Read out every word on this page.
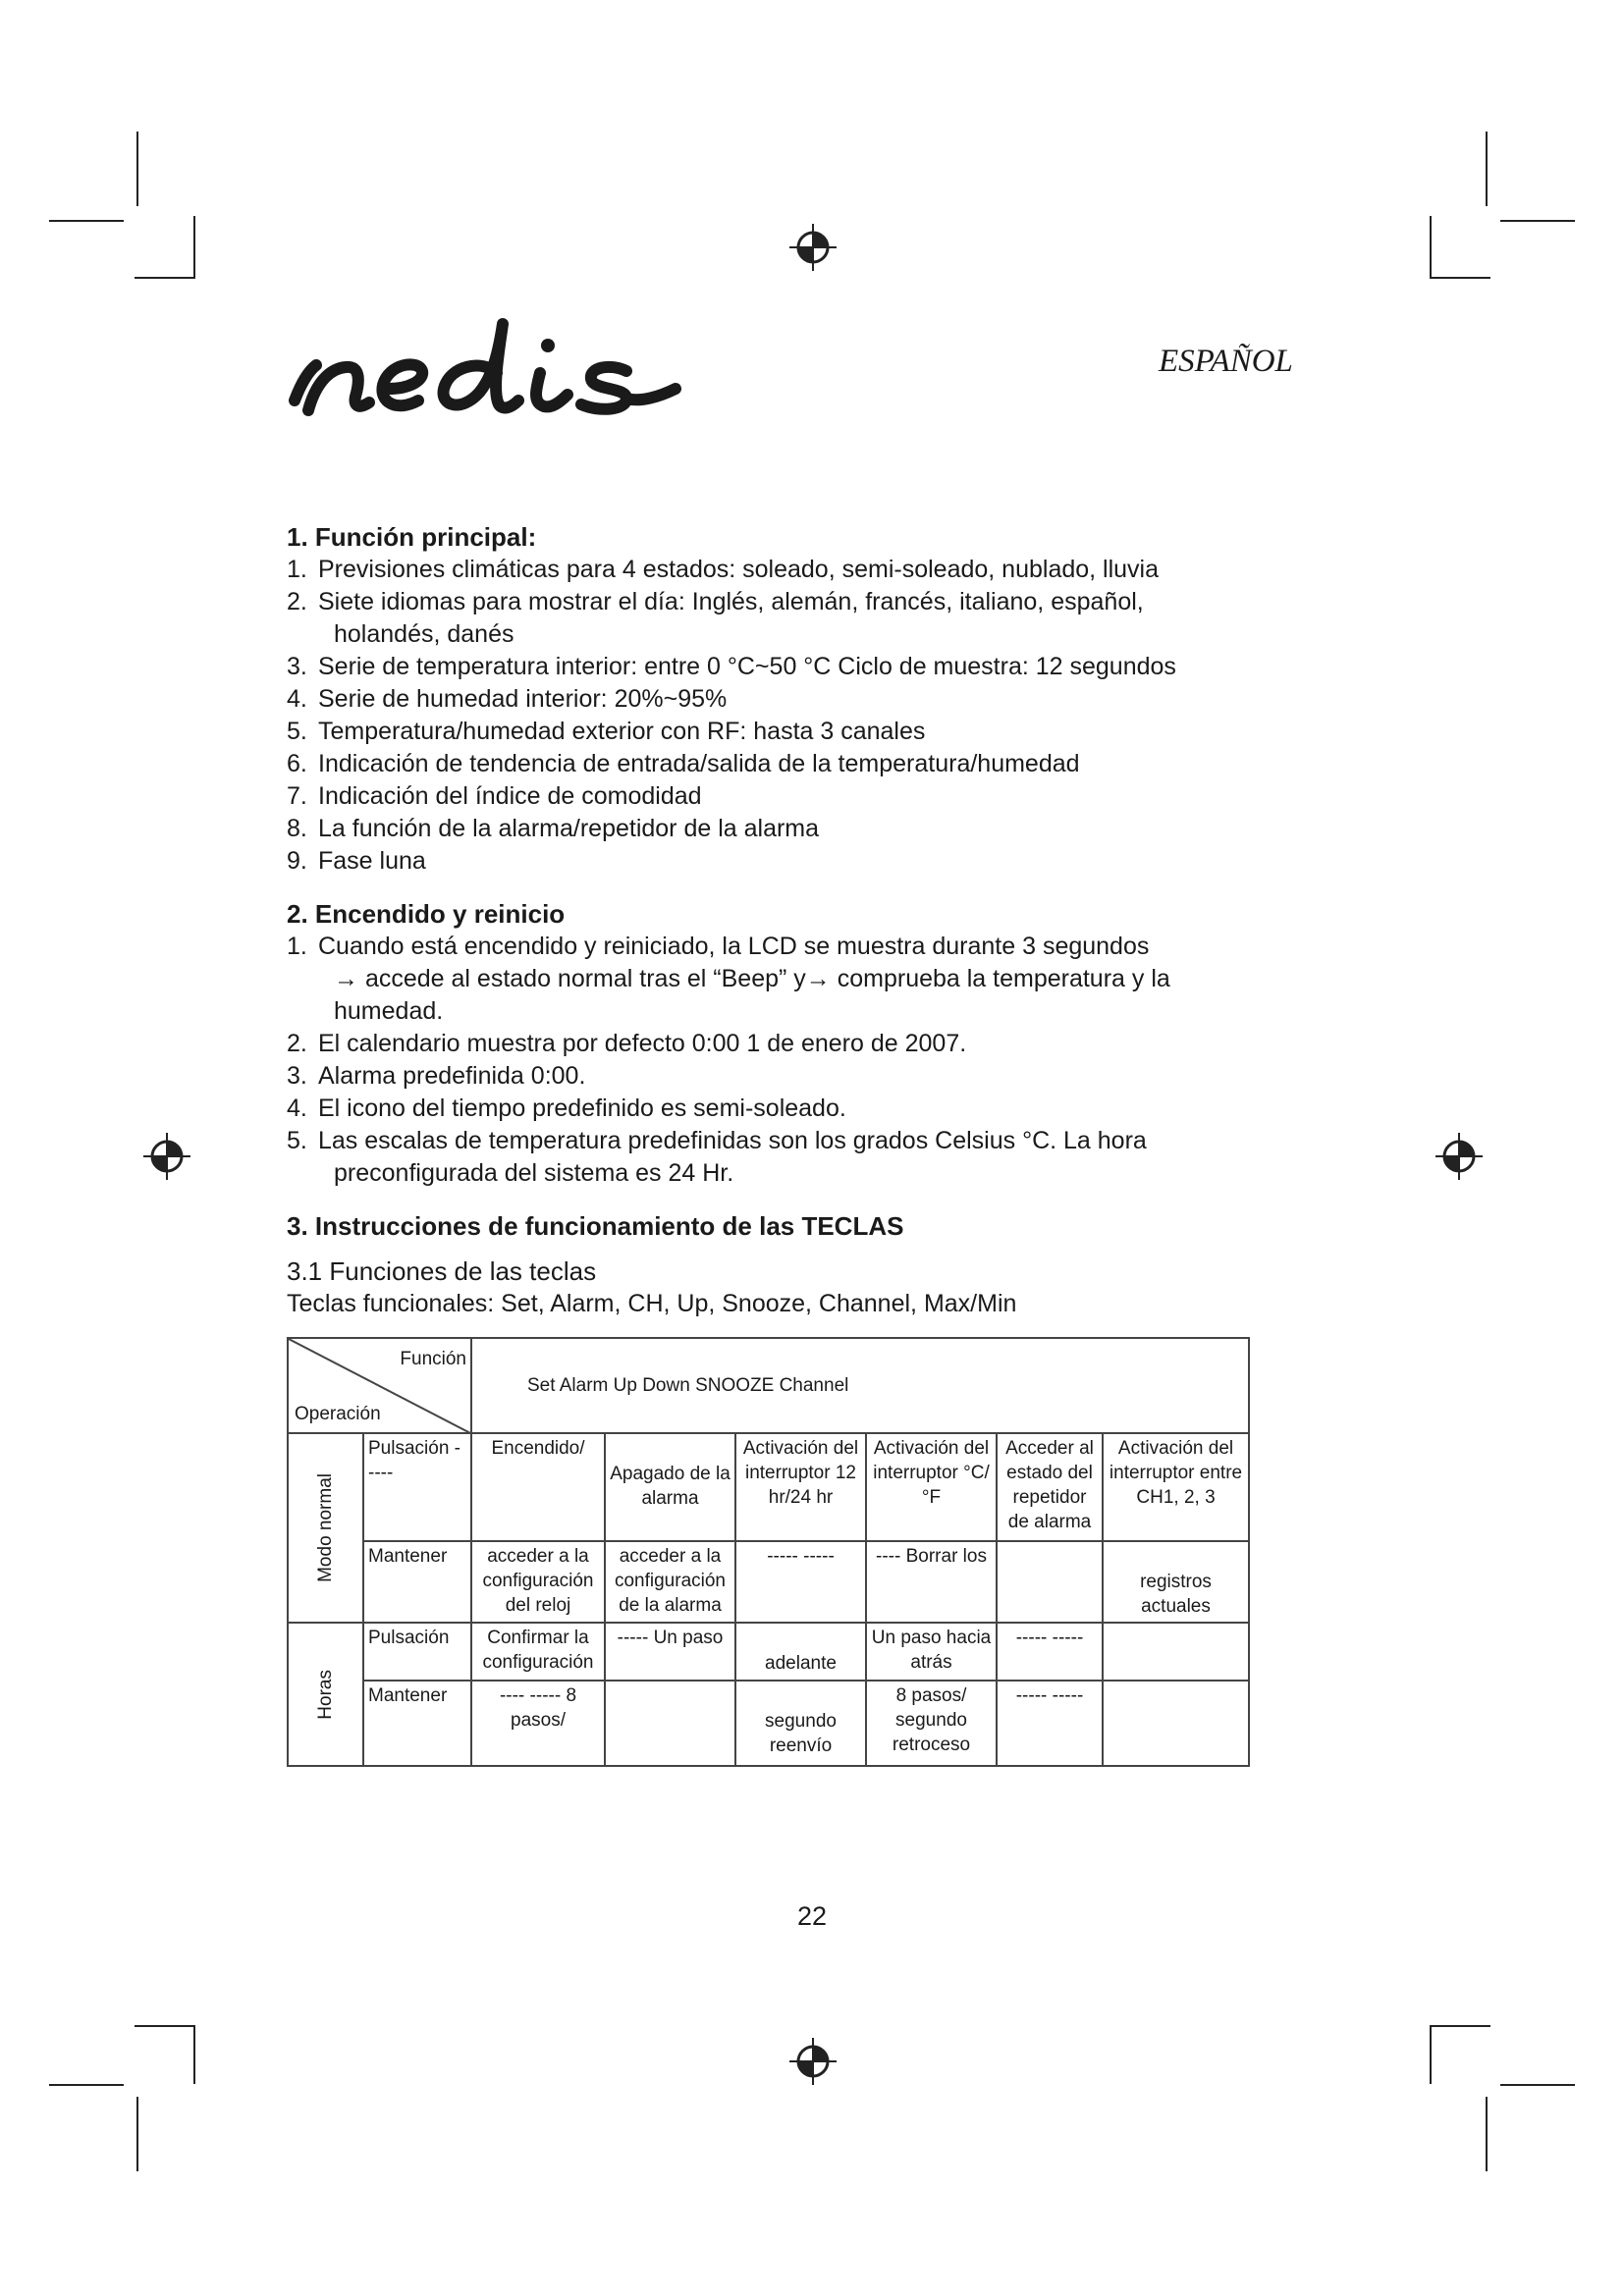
ESPAÑOL
1. Función principal:
1. Previsiones climáticas para 4 estados: soleado, semi-soleado, nublado, lluvia
2. Siete idiomas para mostrar el día: Inglés, alemán, francés, italiano, español,
holandés, danés
3. Serie de temperatura interior: entre 0 °C~50 °C Ciclo de muestra: 12 segundos
4. Serie de humedad interior: 20%~95%
5. Temperatura/humedad exterior con RF: hasta 3 canales
6. Indicación de tendencia de entrada/salida de la temperatura/humedad
7. Indicación del índice de comodidad
8. La función de la alarma/repetidor de la alarma
9. Fase luna
2. Encendido y reinicio
1. Cuando está encendido y reiniciado, la LCD se muestra durante 3 segundos
→ accede al estado normal tras el “Beep” y→ comprueba la temperatura y la
humedad.
2. El calendario muestra por defecto 0:00 1 de enero de 2007.
3. Alarma predefinida 0:00.
4. El icono del tiempo predefinido es semi-soleado.
5. Las escalas de temperatura predefinidas son los grados Celsius °C. La hora
preconfigurada del sistema es 24 Hr.
3. Instrucciones de funcionamiento de las TECLAS
3.1 Funciones de las teclas
Teclas funcionales: Set, Alarm, CH, Up, Snooze, Channel, Max/Min
Función
Operación		Set Alarm Up Down SNOOZE Channel					

Modo normal	Pulsación -----	Encendido/	Apagado de la alarma	Activación del interruptor 12 hr/24 hr	Activación del interruptor °C/°F	Acceder al estado del repetidor de alarma	Activación del interruptor entre CH1, 2, 3
	Mantener	acceder a la configuración del reloj	acceder a la configuración de la alarma	----- -----	---- Borrar los		registros actuales

Horas	Pulsación	Confirmar la configuración	----- Un paso	adelante	Un paso hacia atrás	----- -----	
	Mantener	---- ----- 8 pasos/		segundo reenvío	8 pasos/ segundo retroceso	----- -----	
22
